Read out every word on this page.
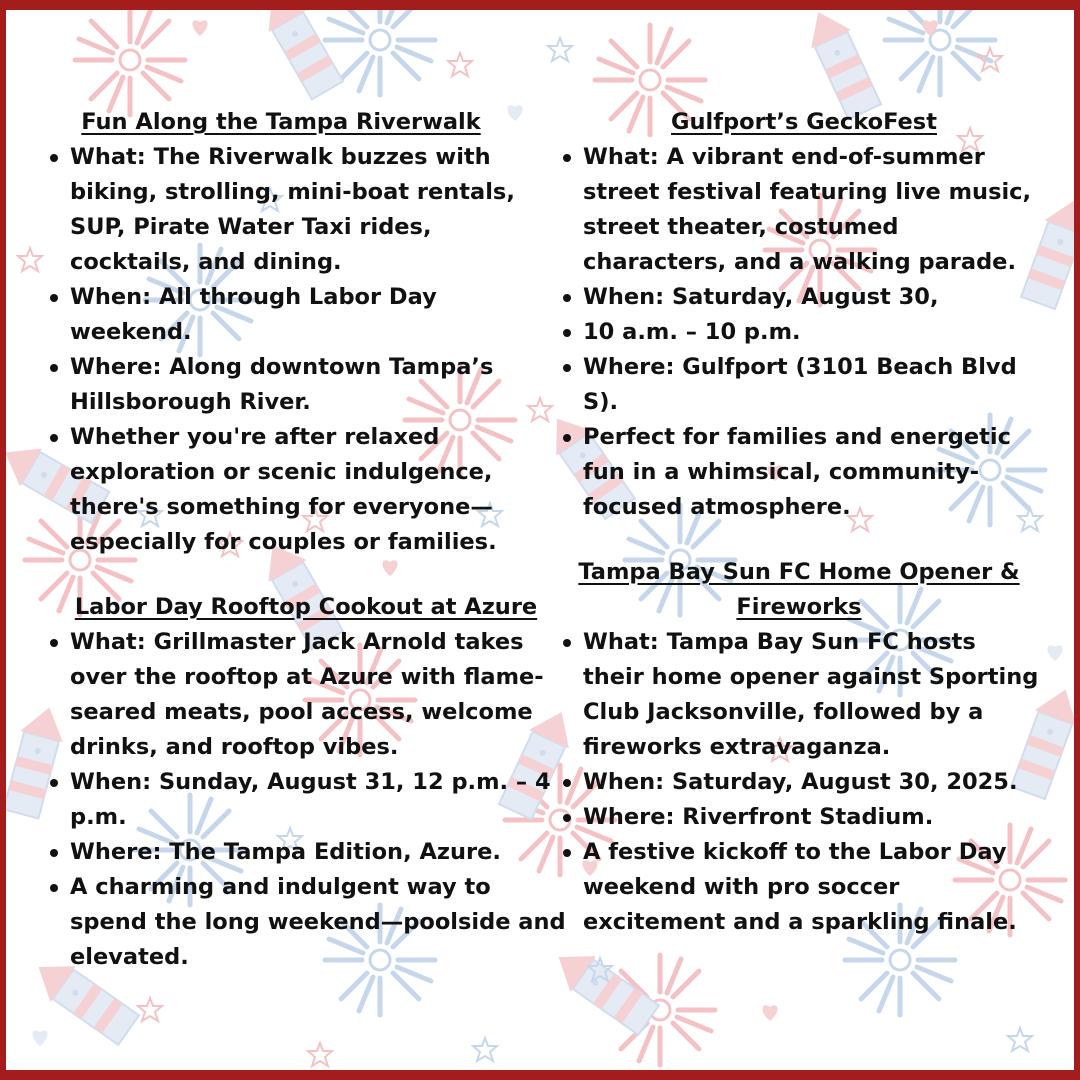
Fun Along the Tampa Riverwalk
What: The Riverwalk buzzes with biking, strolling, mini-boat rentals, SUP, Pirate Water Taxi rides, cocktails, and dining.
When: All through Labor Day weekend.
Where: Along downtown Tampa’s Hillsborough River.
Whether you're after relaxed exploration or scenic indulgence, there's something for everyone—especially for couples or families.
Gulfport’s GeckoFest
What: A vibrant end-of-summer street festival featuring live music, street theater, costumed characters, and a walking parade.
When: Saturday, August 30,
10 a.m. – 10 p.m.
Where: Gulfport (3101 Beach Blvd S).
Perfect for families and energetic fun in a whimsical, community-focused atmosphere.
Labor Day Rooftop Cookout at Azure
What: Grillmaster Jack Arnold takes over the rooftop at Azure with flame-seared meats, pool access, welcome drinks, and rooftop vibes.
When: Sunday, August 31, 12 p.m. – 4 p.m.
Where: The Tampa Edition, Azure.
A charming and indulgent way to spend the long weekend—poolside and elevated.
Tampa Bay Sun FC Home Opener & Fireworks
What: Tampa Bay Sun FC hosts their home opener against Sporting Club Jacksonville, followed by a fireworks extravaganza.
When: Saturday, August 30, 2025.
Where: Riverfront Stadium.
A festive kickoff to the Labor Day weekend with pro soccer excitement and a sparkling finale.
